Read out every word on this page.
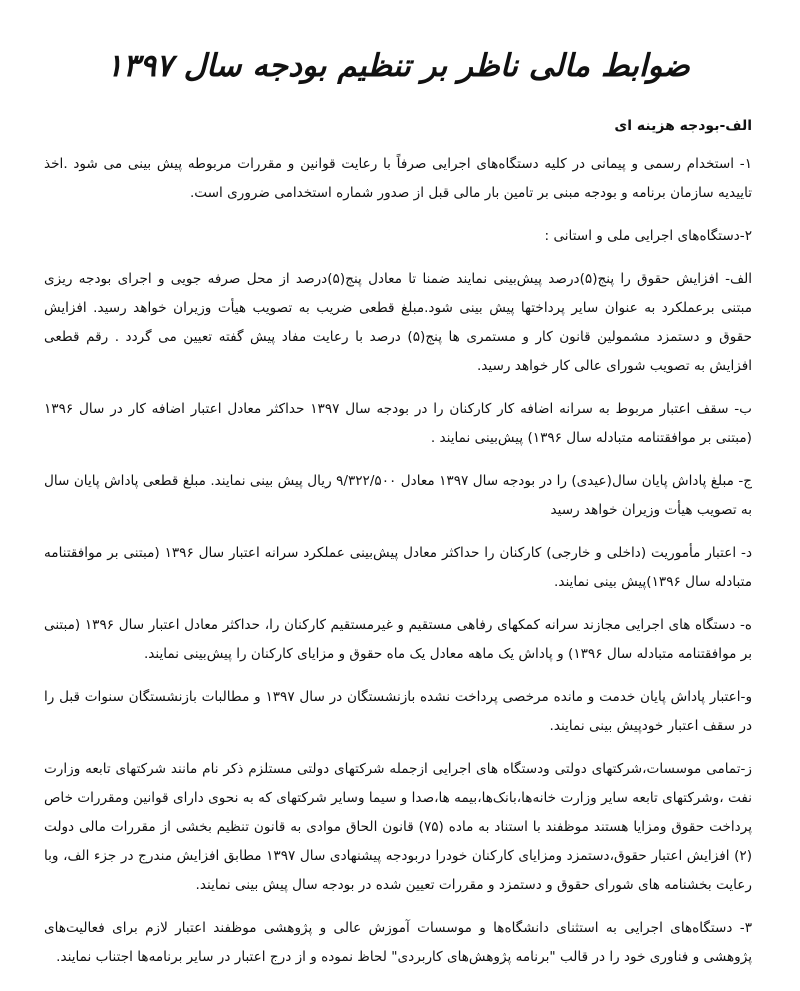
ضوابط مالی ناظر بر تنظیم بودجه سال ۱۳۹۷
الف-بودجه هزینه ای

۱- استخدام رسمی و پیمانی در کلیه دستگاه‌های اجرایی صرفاً با رعایت قوانین و مقررات مربوطه پیش بینی می شود .اخذ تاییدیه سازمان برنامه و بودجه مبنی بر تامین بار مالی قبل از صدور شماره استخدامی ضروری است.

۲-دستگاه‌های اجرایی ملی و استانی :

الف- افزایش حقوق را پنج(۵)درصد پیش‌بینی نمایند ضمنا تا معادل پنج(۵)درصد از محل صرفه جویی و اجرای بودجه ریزی مبتنی برعملکرد به عنوان سایر پرداختها پیش بینی شود.مبلغ قطعی ضریب به تصویب هیأت وزیران خواهد رسید. افزایش حقوق و دستمزد مشمولین قانون کار و مستمری ها پنج(۵) درصد با رعایت مفاد پیش گفته تعیین می گردد . رقم قطعی افزایش به تصویب شورای عالی کار خواهد رسید.

ب- سقف اعتبار مربوط به سرانه اضافه کار کارکنان را در بودجه سال ۱۳۹۷ حداکثر معادل اعتبار اضافه کار در سال ۱۳۹۶ (مبتنی بر موافقتنامه متبادله سال ۱۳۹۶) پیش‌بینی نمایند .

ج- مبلغ پاداش پایان سال(عیدی) را در بودجه سال ۱۳۹۷ معادل ۹/۳۲۲/۵۰۰ ریال پیش بینی نمایند. مبلغ قطعی پاداش پایان سال به تصویب هیأت وزیران خواهد رسید

د- اعتبار مأموریت (داخلی و خارجی) کارکنان را حداکثر معادل پیش‌بینی عملکرد سرانه اعتبار سال ۱۳۹۶ (مبتنی بر موافقتنامه متبادله سال ۱۳۹۶)پیش بینی نمایند.

ه- دستگاه های اجرایی مجازند سرانه کمکهای رفاهی مستقیم و غیرمستقیم کارکنان را، حداکثر معادل اعتبار سال ۱۳۹۶ (مبتنی بر موافقتنامه متبادله سال ۱۳۹۶) و پاداش یک ماهه معادل یک ماه حقوق و مزایای کارکنان را پیش‌بینی نمایند.

و-اعتبار پاداش پایان خدمت و مانده مرخصی پرداخت نشده بازنشستگان در سال ۱۳۹۷ و مطالبات بازنشستگان سنوات قبل را در سقف اعتبار خودپیش بینی نمایند.

ز-تمامی موسسات،شرکتهای دولتی ودستگاه های اجرایی ازجمله شرکتهای دولتی مستلزم ذکر نام مانند شرکتهای تابعه وزارت نفت ،وشرکتهای تابعه سایر وزارت خانه‌ها،بانک‌ها،بیمه ها،صدا و سیما وسایر شرکتهای که به نحوی دارای قوانین ومقررات خاص پرداخت حقوق ومزایا هستند موظفند با استناد به ماده (۷۵) قانون الحاق موادی به قانون تنظیم بخشی از مقررات مالی دولت (۲) افزایش اعتبار حقوق،دستمزد ومزایای کارکنان خودرا دربودجه پیشنهادی سال ۱۳۹۷ مطابق افزایش مندرج در جزء الف، وبا رعایت بخشنامه های شورای حقوق و دستمزد و مقررات تعیین شده در بودجه سال پیش بینی نمایند.

۳- دستگاه‌های اجرایی به استثنای دانشگاه‌ها و موسسات آموزش عالی و پژوهشی موظفند اعتبار لازم برای فعالیت‌های پژوهشی و فناوری خود را در قالب "برنامه پژوهش‌های کاربردی" لحاظ نموده و از درج اعتبار در سایر برنامه‌ها اجتناب نمایند.
